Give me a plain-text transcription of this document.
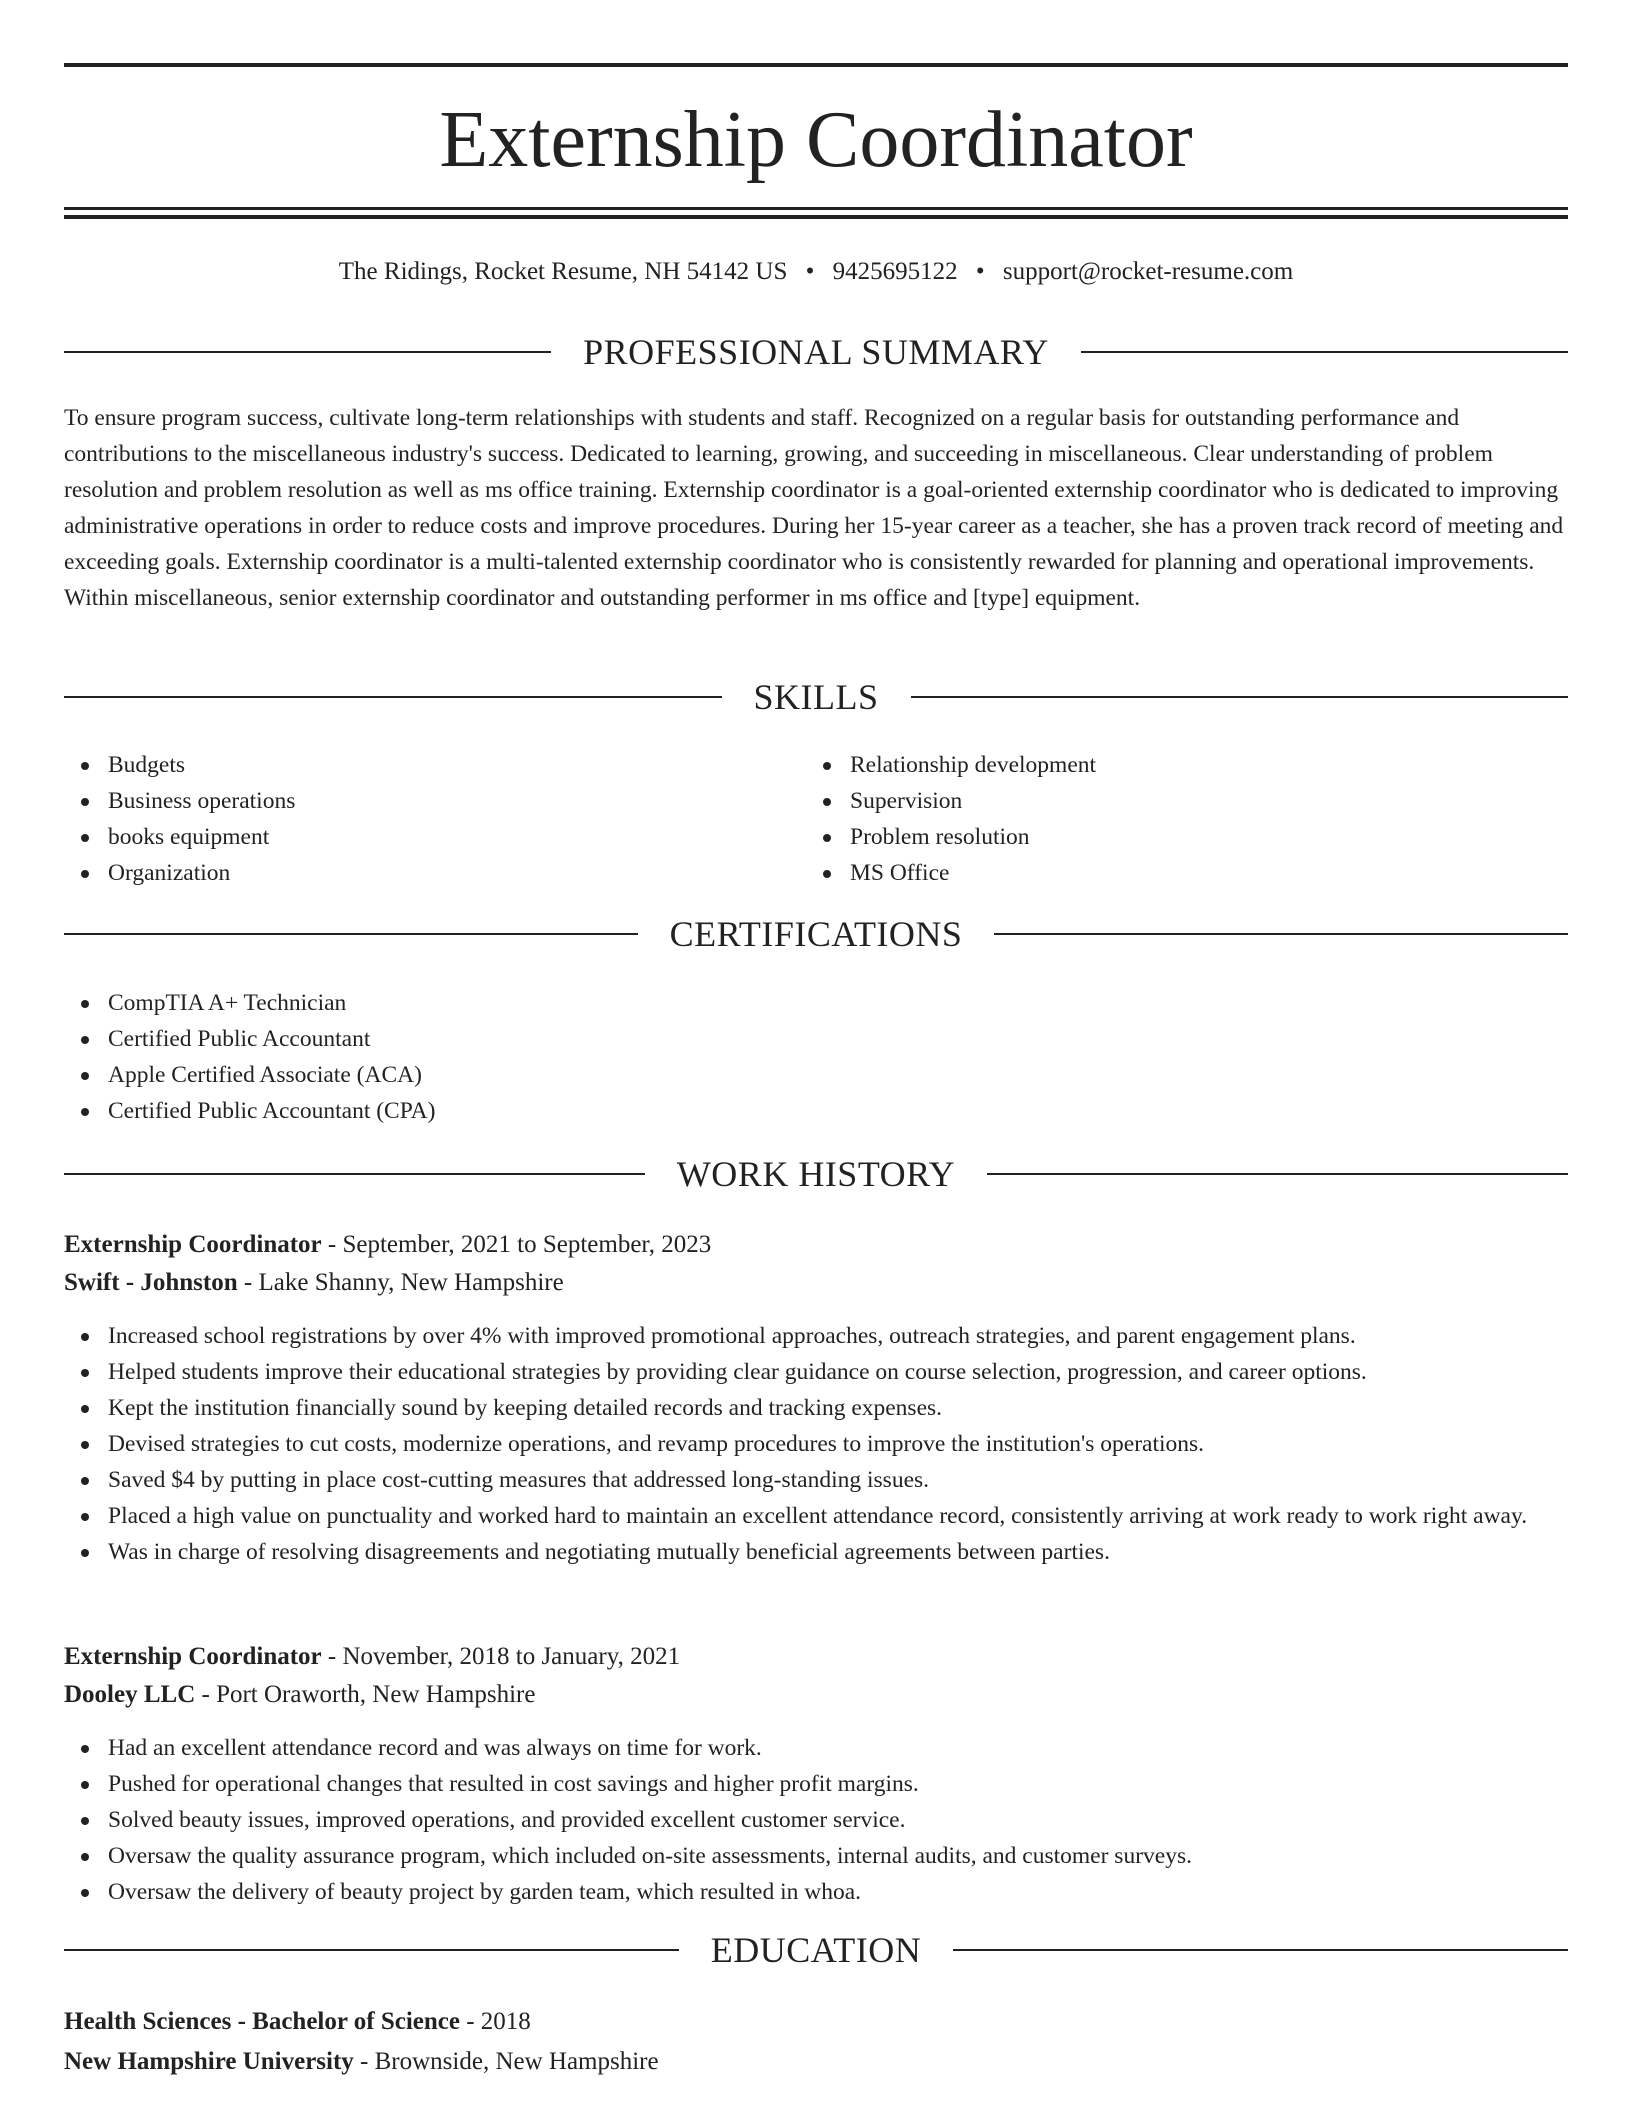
Externship Coordinator
The Ridings, Rocket Resume, NH 54142 US • 9425695122 • support@rocket-resume.com
PROFESSIONAL SUMMARY

To ensure program success, cultivate long-term relationships with students and staff. Recognized on a regular basis for outstanding performance and contributions to the miscellaneous industry's success. Dedicated to learning, growing, and succeeding in miscellaneous. Clear understanding of problem resolution and problem resolution as well as ms office training. Externship coordinator is a goal-oriented externship coordinator who is dedicated to improving administrative operations in order to reduce costs and improve procedures. During her 15-year career as a teacher, she has a proven track record of meeting and exceeding goals. Externship coordinator is a multi-talented externship coordinator who is consistently rewarded for planning and operational improvements. Within miscellaneous, senior externship coordinator and outstanding performer in ms office and [type] equipment.

SKILLS
Budgets
Business operations
books equipment
Organization
Relationship development
Supervision
Problem resolution
MS Office
CERTIFICATIONS
CompTIA A+ Technician
Certified Public Accountant
Apple Certified Associate (ACA)
Certified Public Accountant (CPA)
WORK HISTORY
Externship Coordinator - September, 2021 to September, 2023
Swift - Johnston - Lake Shanny, New Hampshire
Increased school registrations by over 4% with improved promotional approaches, outreach strategies, and parent engagement plans.
Helped students improve their educational strategies by providing clear guidance on course selection, progression, and career options.
Kept the institution financially sound by keeping detailed records and tracking expenses.
Devised strategies to cut costs, modernize operations, and revamp procedures to improve the institution's operations.
Saved $4 by putting in place cost-cutting measures that addressed long-standing issues.
Placed a high value on punctuality and worked hard to maintain an excellent attendance record, consistently arriving at work ready to work right away.
Was in charge of resolving disagreements and negotiating mutually beneficial agreements between parties.
Externship Coordinator - November, 2018 to January, 2021
Dooley LLC - Port Oraworth, New Hampshire
Had an excellent attendance record and was always on time for work.
Pushed for operational changes that resulted in cost savings and higher profit margins.
Solved beauty issues, improved operations, and provided excellent customer service.
Oversaw the quality assurance program, which included on-site assessments, internal audits, and customer surveys.
Oversaw the delivery of beauty project by garden team, which resulted in whoa.
EDUCATION
Health Sciences - Bachelor of Science - 2018
New Hampshire University - Brownside, New Hampshire
